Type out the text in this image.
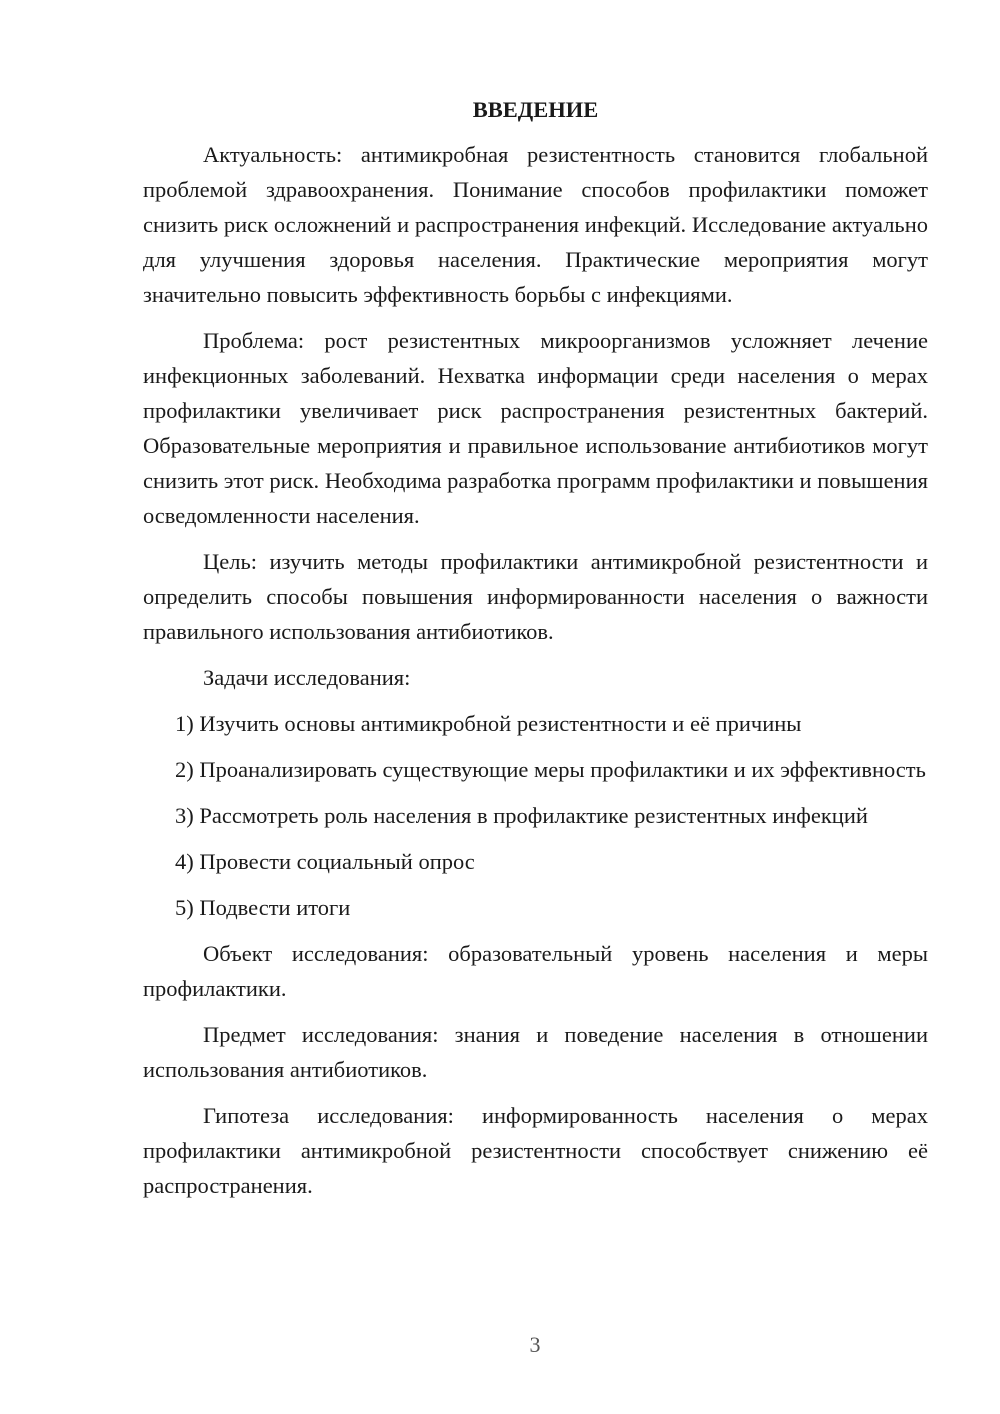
ВВЕДЕНИЕ

Актуальность: антимикробная резистентность становится глобальной проблемой здравоохранения. Понимание способов профилактики поможет снизить риск осложнений и распространения инфекций. Исследование актуально для улучшения здоровья населения. Практические мероприятия могут значительно повысить эффективность борьбы с инфекциями.

Проблема: рост резистентных микроорганизмов усложняет лечение инфекционных заболеваний. Нехватка информации среди населения о мерах профилактики увеличивает риск распространения резистентных бактерий. Образовательные мероприятия и правильное использование антибиотиков могут снизить этот риск. Необходима разработка программ профилактики и повышения осведомленности населения.

Цель: изучить методы профилактики антимикробной резистентности и определить способы повышения информированности населения о важности правильного использования антибиотиков.

Задачи исследования:

1) Изучить основы антимикробной резистентности и её причины

2) Проанализировать существующие меры профилактики и их эффективность

3) Рассмотреть роль населения в профилактике резистентных инфекций

4) Провести социальный опрос

5) Подвести итоги

Объект исследования: образовательный уровень населения и меры профилактики.

Предмет исследования: знания и поведение населения в отношении использования антибиотиков.

Гипотеза исследования: информированность населения о мерах профилактики антимикробной резистентности способствует снижению её распространения.

3
